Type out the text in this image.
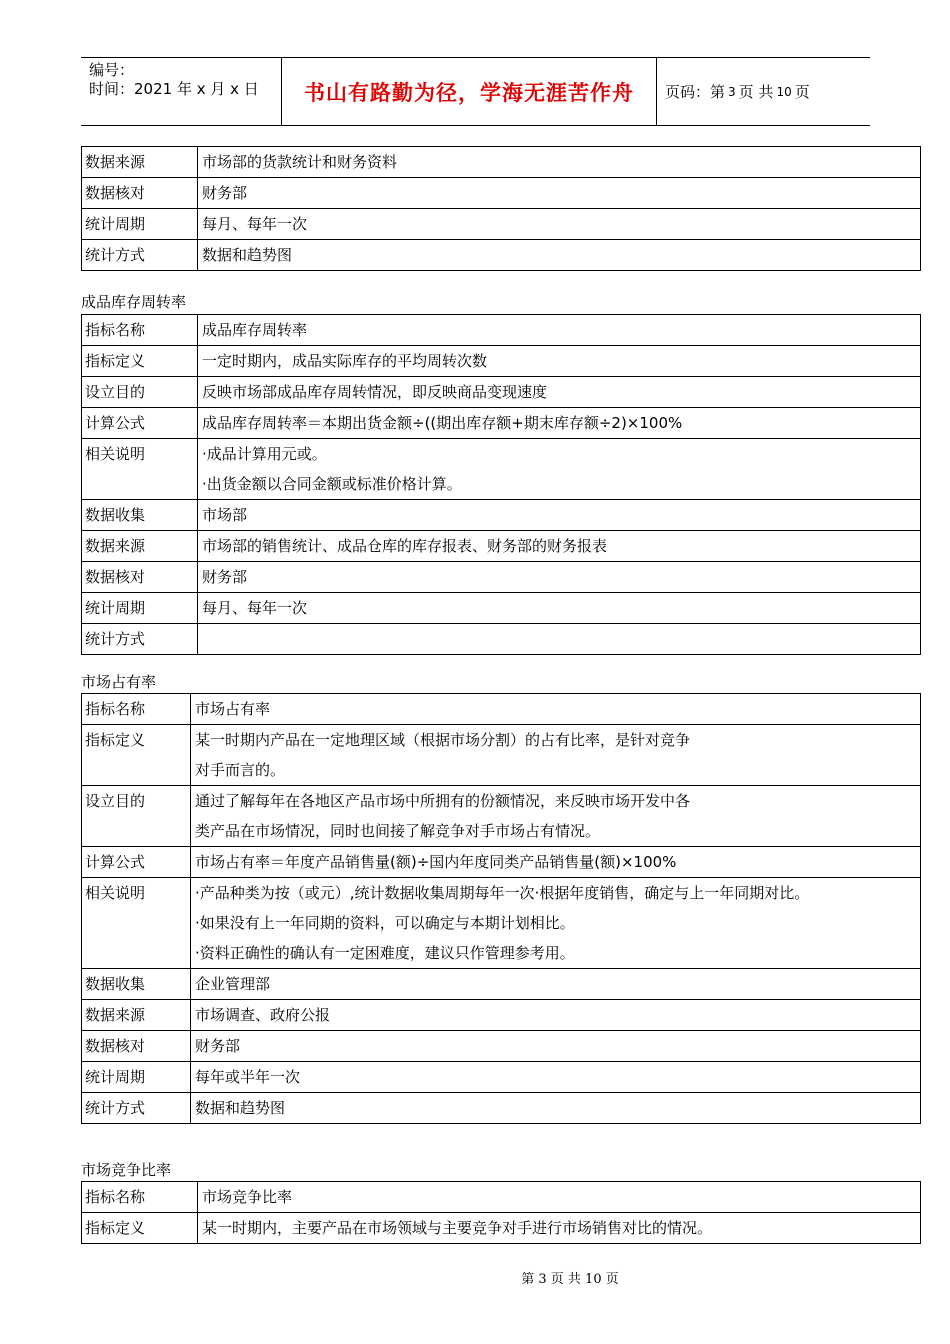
编号：
时间：2021 年 x 月 x 日	书山有路勤为径，学海无涯苦作舟	页码：第 3 页 共 10 页
数据来源	市场部的货款统计和财务资料
数据核对	财务部
统计周期	每月、每年一次
统计方式	数据和趋势图
成品库存周转率
指标名称	成品库存周转率
指标定义	一定时期内，成品实际库存的平均周转次数
设立目的	反映市场部成品库存周转情况，即反映商品变现速度
计算公式	成品库存周转率＝本期出货金额÷((期出库存额+期末库存额÷2)×100%
相关说明	·成品计算用元或。
·出货金额以合同金额或标准价格计算。

数据收集	市场部
数据来源	市场部的销售统计、成品仓库的库存报表、财务部的财务报表
数据核对	财务部
统计周期	每月、每年一次
统计方式	
市场占有率
指标名称	市场占有率
指标定义	某一时期内产品在一定地理区域（根据市场分割）的占有比率，是针对竞争
对手而言的。

设立目的	通过了解每年在各地区产品市场中所拥有的份额情况，来反映市场开发中各
类产品在市场情况，同时也间接了解竞争对手市场占有情况。

计算公式	市场占有率＝年度产品销售量(额)÷国内年度同类产品销售量(额)×100%
相关说明	·产品种类为按（或元）,统计数据收集周期每年一次·根据年度销售，确定与上一年同期对比。
·如果没有上一年同期的资料，可以确定与本期计划相比。
·资料正确性的确认有一定困难度，建议只作管理参考用。

数据收集	企业管理部
数据来源	市场调查、政府公报
数据核对	财务部
统计周期	每年或半年一次
统计方式	数据和趋势图
市场竞争比率
指标名称	市场竞争比率
指标定义	某一时期内，主要产品在市场领域与主要竞争对手进行市场销售对比的情况。
第 3 页 共 10 页
